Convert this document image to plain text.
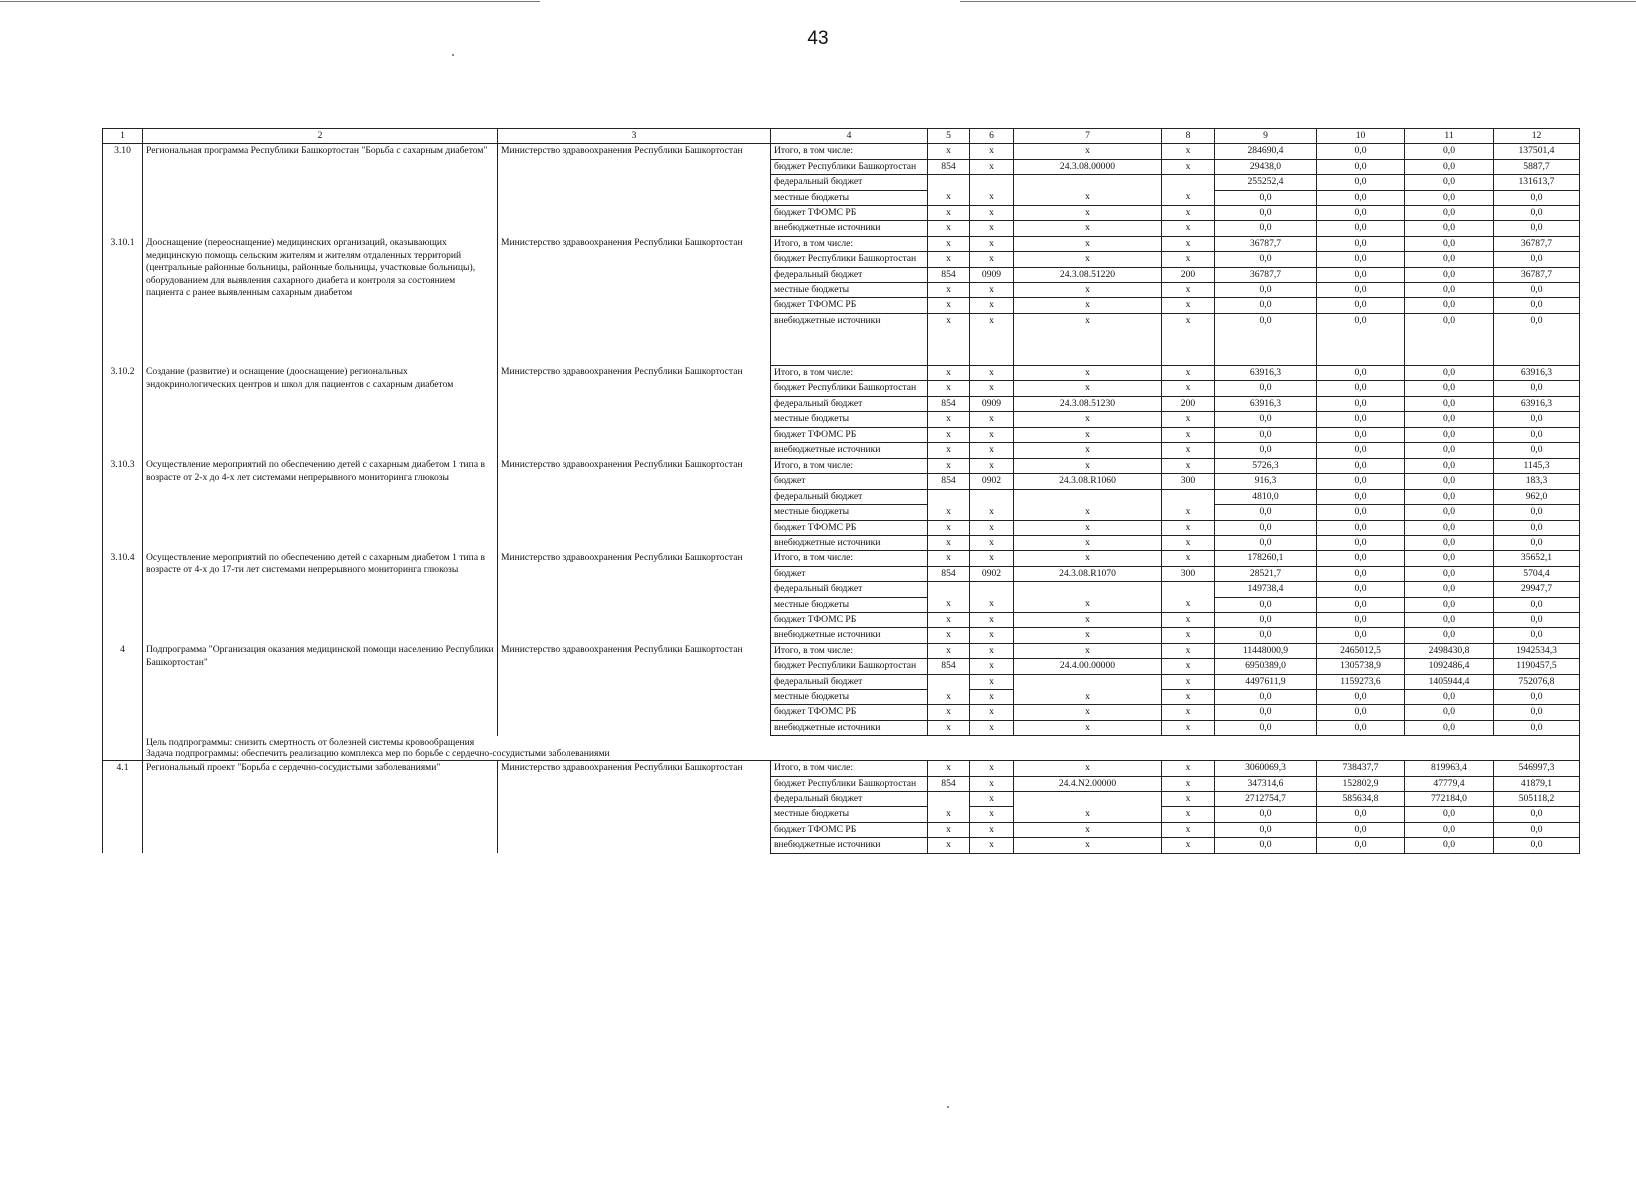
43
1	2	3	4	5	6	7	8	9	10	11	12
3.10	Региональная программа Республики Башкортостан "Борьба с сахарным диабетом"	Министерство здравоохранения Республики Башкортостан	Итого, в том числе:	x	x	x	x	284690,4	0,0	0,0	137501,4
			бюджет Республики Башкортостан	854	x	24.3.08.00000	x	29438,0	0,0	0,0	5887,7
			федеральный бюджет					255252,4	0,0	0,0	131613,7
			местные бюджеты	x	x	x	x	0,0	0,0	0,0	0,0
			бюджет ТФОМС РБ	x	x	x	x	0,0	0,0	0,0	0,0
			внебюджетные источники	x	x	x	x	0,0	0,0	0,0	0,0
3.10.1	Дооснащение (переоснащение) медицинских организаций, оказывающих медицинскую помощь сельским жителям и жителям отдаленных территорий (центральные районные больницы, районные больницы, участковые больницы), оборудованием для выявления сахарного диабета и контроля за состоянием пациента с ранее выявленным сахарным диабетом	Министерство здравоохранения Республики Башкортостан	Итого, в том числе:	x	x	x	x	36787,7	0,0	0,0	36787,7
			бюджет Республики Башкортостан	x	x	x	x	0,0	0,0	0,0	0,0
			федеральный бюджет	854	0909	24.3.08.51220	200	36787,7	0,0	0,0	36787,7
			местные бюджеты	x	x	x	x	0,0	0,0	0,0	0,0
			бюджет ТФОМС РБ	x	x	x	x	0,0	0,0	0,0	0,0
			внебюджетные источники	x	x	x	x	0,0	0,0	0,0	0,0
3.10.2	Создание (развитие) и оснащение (дооснащение) региональных эндокринологических центров и школ для пациентов с сахарным диабетом	Министерство здравоохранения Республики Башкортостан	Итого, в том числе:	x	x	x	x	63916,3	0,0	0,0	63916,3
			бюджет Республики Башкортостан	x	x	x	x	0,0	0,0	0,0	0,0
			федеральный бюджет	854	0909	24.3.08.51230	200	63916,3	0,0	0,0	63916,3
			местные бюджеты	x	x	x	x	0,0	0,0	0,0	0,0
			бюджет ТФОМС РБ	x	x	x	x	0,0	0,0	0,0	0,0
			внебюджетные источники	x	x	x	x	0,0	0,0	0,0	0,0
3.10.3	Осуществление мероприятий по обеспечению детей с сахарным диабетом 1 типа в возрасте от 2-х до 4-х лет системами непрерывного мониторинга глюкозы	Министерство здравоохранения Республики Башкортостан	Итого, в том числе:	x	x	x	x	5726,3	0,0	0,0	1145,3
			бюджет	854	0902	24.3.08.R1060	300	916,3	0,0	0,0	183,3
			федеральный бюджет					4810,0	0,0	0,0	962,0
			местные бюджеты	x	x	x	x	0,0	0,0	0,0	0,0
			бюджет ТФОМС РБ	x	x	x	x	0,0	0,0	0,0	0,0
			внебюджетные источники	x	x	x	x	0,0	0,0	0,0	0,0
3.10.4	Осуществление мероприятий по обеспечению детей с сахарным диабетом 1 типа в возрасте от 4-х до 17-ти лет системами непрерывного мониторинга глюкозы	Министерство здравоохранения Республики Башкортостан	Итого, в том числе:	x	x	x	x	178260,1	0,0	0,0	35652,1
			бюджет	854	0902	24.3.08.R1070	300	28521,7	0,0	0,0	5704,4
			федеральный бюджет					149738,4	0,0	0,0	29947,7
			местные бюджеты	x	x	x	x	0,0	0,0	0,0	0,0
			бюджет ТФОМС РБ	x	x	x	x	0,0	0,0	0,0	0,0
			внебюджетные источники	x	x	x	x	0,0	0,0	0,0	0,0
4	Подпрограмма "Организация оказания медицинской помощи населению Республики Башкортостан"	Министерство здравоохранения Республики Башкортостан	Итого, в том числе:	x	x	x	x	11448000,9	2465012,5	2498430,8	1942534,3
			бюджет Республики Башкортостан	854	x	24.4.00.00000	x	6950389,0	1305738,9	1092486,4	1190457,5
			федеральный бюджет		x		x	4497611,9	1159273,6	1405944,4	752076,8
			местные бюджеты	x	x	x	x	0,0	0,0	0,0	0,0
			бюджет ТФОМС РБ	x	x	x	x	0,0	0,0	0,0	0,0
			внебюджетные источники	x	x	x	x	0,0	0,0	0,0	0,0

	Цель подпрограммы: снизить смертность от болезней системы кровообращения
Задача подпрограммы: обеспечить реализацию комплекса мер по борьбе с сердечно-сосудистыми заболеваниями										

4.1	Региональный проект "Борьба с сердечно-сосудистыми заболеваниями"	Министерство здравоохранения Республики Башкортостан	Итого, в том числе:	x	x	x	x	3060069,3	738437,7	819963,4	546997,3
			бюджет Республики Башкортостан	854	x	24.4.N2.00000	x	347314,6	152802,9	47779,4	41879,1
			федеральный бюджет		x		x	2712754,7	585634,8	772184,0	505118,2
			местные бюджеты	x	x	x	x	0,0	0,0	0,0	0,0
			бюджет ТФОМС РБ	x	x	x	x	0,0	0,0	0,0	0,0
			внебюджетные источники	x	x	x	x	0,0	0,0	0,0	0,0
